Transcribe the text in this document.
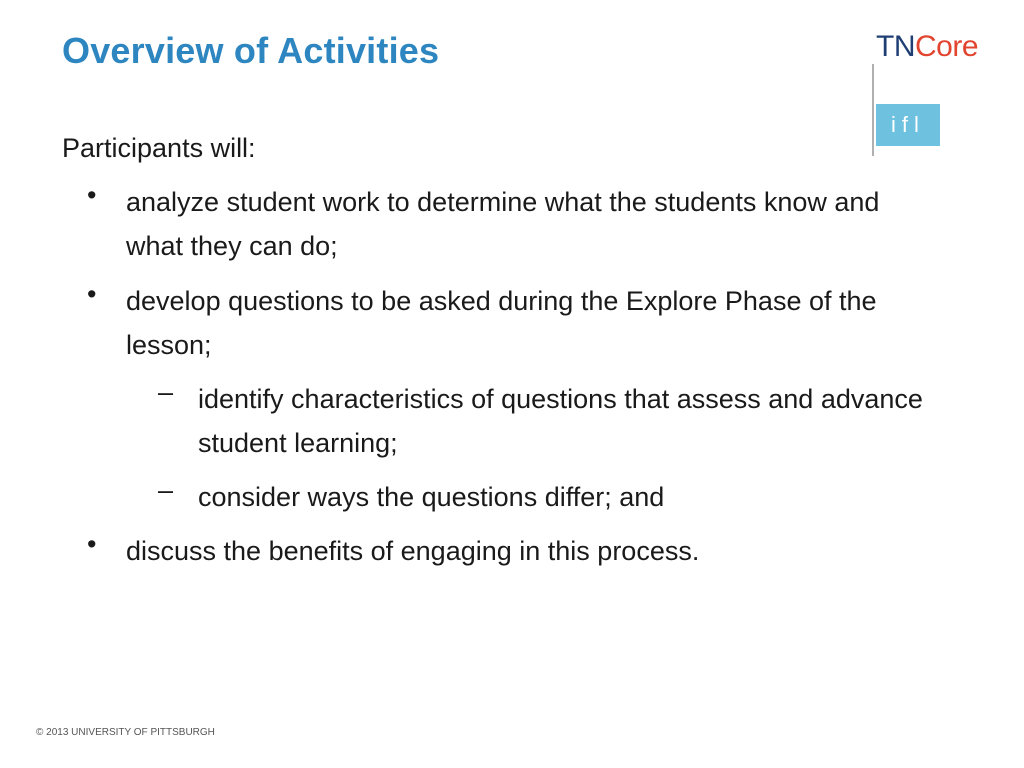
Overview of Activities	TNCore
ifl
Participants will:
• analyze student work to determine what the students know and what they can do;
• develop questions to be asked during the Explore Phase of the lesson;
– identify characteristics of questions that assess and advance student learning;
– consider ways the questions differ; and
• discuss the benefits of engaging in this process.
© 2013 UNIVERSITY OF PITTSBURGH
